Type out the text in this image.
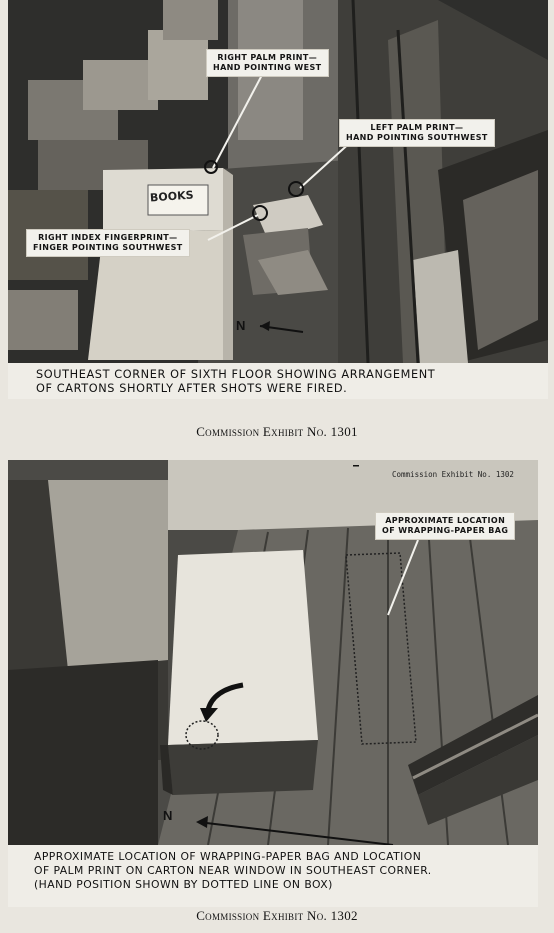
RIGHT PALM PRINT—
HAND POINTING WEST
LEFT PALM PRINT—
HAND POINTING SOUTHWEST
RIGHT INDEX FINGERPRINT—
FINGER POINTING SOUTHWEST
BOOKS
N
SOUTHEAST CORNER OF SIXTH FLOOR SHOWING ARRANGEMENT
OF CARTONS SHORTLY AFTER SHOTS WERE FIRED.
Commission Exhibit No. 1301
Commission Exhibit No. 1302
APPROXIMATE LOCATION
OF WRAPPING-PAPER BAG
N
APPROXIMATE LOCATION OF WRAPPING-PAPER BAG AND LOCATION
OF PALM PRINT ON CARTON NEAR WINDOW IN SOUTHEAST CORNER.
(HAND POSITION SHOWN BY DOTTED LINE ON BOX)
Commission Exhibit No. 1302
